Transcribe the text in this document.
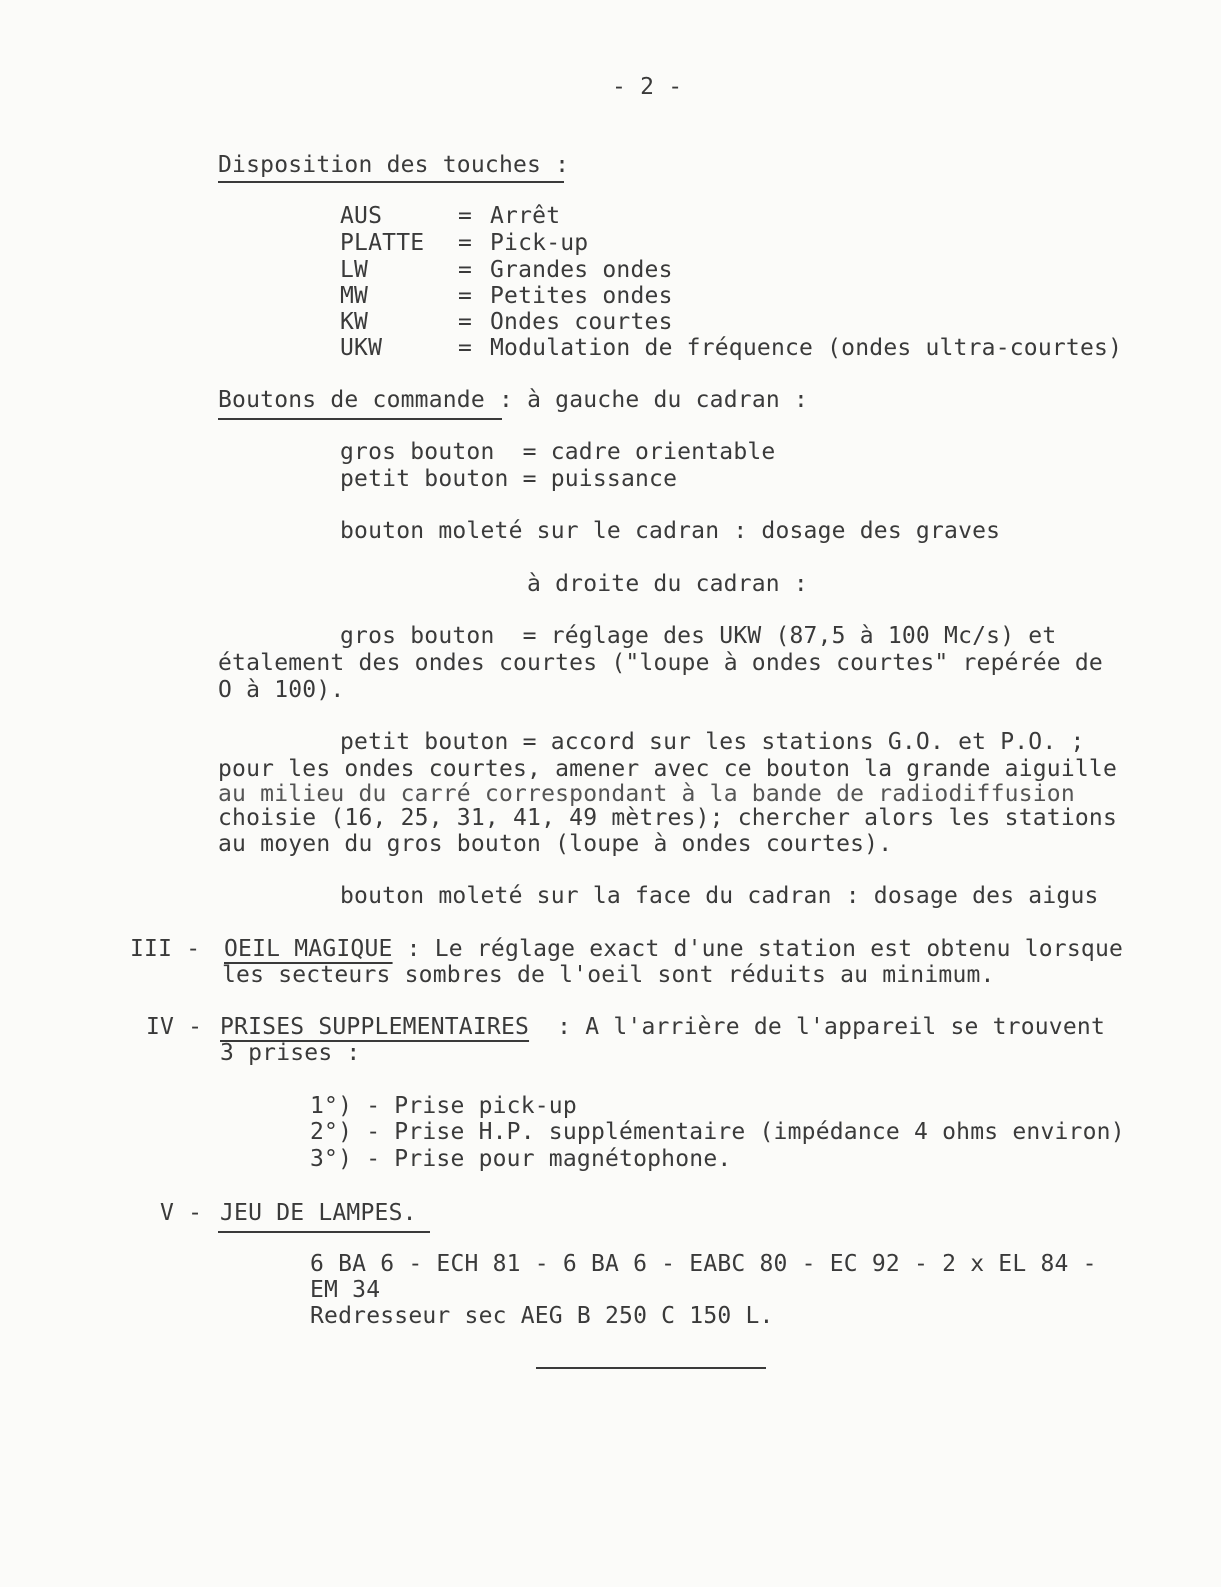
- 2 -
Disposition des touches :
AUS	= Arrêt
PLATTE = Pick-up
LW	= Grandes ondes
MW	= Petites ondes
KW	= Ondes courtes
UKW	= Modulation de fréquence (ondes ultra-courtes)
Boutons de commande : à gauche du cadran :
gros bouton  = cadre orientable
petit bouton = puissance
bouton moleté sur le cadran : dosage des graves
à droite du cadran :
gros bouton  = réglage des UKW (87,5 à 100 Mc/s) et
étalement des ondes courtes ("loupe à ondes courtes" repérée de
O à 100).
petit bouton = accord sur les stations G.O. et P.O. ;
pour les ondes courtes, amener avec ce bouton la grande aiguille
au milieu du carré correspondant à la bande de radiodiffusion
choisie (16, 25, 31, 41, 49 mètres); chercher alors les stations
au moyen du gros bouton (loupe à ondes courtes).
bouton moleté sur la face du cadran : dosage des aigus
III - OEIL MAGIQUE : Le réglage exact d'une station est obtenu lorsque
les secteurs sombres de l'oeil sont réduits au minimum.
IV - PRISES SUPPLEMENTAIRES : A l'arrière de l'appareil se trouvent
3 prises :
1°) - Prise pick-up
2°) - Prise H.P. supplémentaire (impédance 4 ohms environ)
3°) - Prise pour magnétophone.
V - JEU DE LAMPES.
6 BA 6 - ECH 81 - 6 BA 6 - EABC 80 - EC 92 - 2 x EL 84 -
EM 34
Redresseur sec AEG B 250 C 150 L.
